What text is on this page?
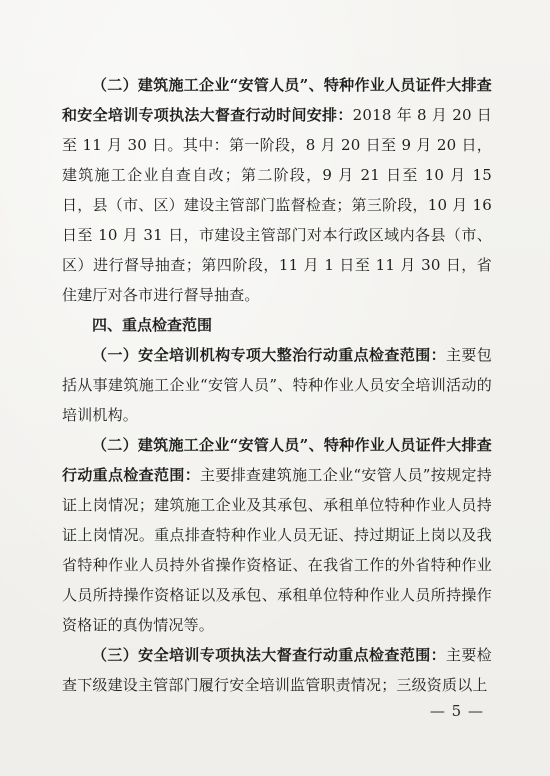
（二）建筑施工企业“安管人员”、特种作业人员证件大排查和安全培训专项执法大督查行动时间安排：2018 年 8 月 20 日至 11 月 30 日。其中：第一阶段，8 月 20 日至 9 月 20 日，建筑施工企业自查自改；第二阶段，9 月 21 日至 10 月 15 日，县（市、区）建设主管部门监督检查；第三阶段，10 月 16 日至 10 月 31 日，市建设主管部门对本行政区域内各县（市、区）进行督导抽查；第四阶段，11 月 1 日至 11 月 30 日，省住建厅对各市进行督导抽查。

四、重点检查范围

（一）安全培训机构专项大整治行动重点检查范围：主要包括从事建筑施工企业“安管人员”、特种作业人员安全培训活动的培训机构。

（二）建筑施工企业“安管人员”、特种作业人员证件大排查行动重点检查范围：主要排查建筑施工企业“安管人员”按规定持证上岗情况；建筑施工企业及其承包、承租单位特种作业人员持证上岗情况。重点排查特种作业人员无证、持过期证上岗以及我省特种作业人员持外省操作资格证、在我省工作的外省特种作业人员所持操作资格证以及承包、承租单位特种作业人员所持操作资格证的真伪情况等。

（三）安全培训专项执法大督查行动重点检查范围：主要检查下级建设主管部门履行安全培训监管职责情况；三级资质以上

— 5 —
